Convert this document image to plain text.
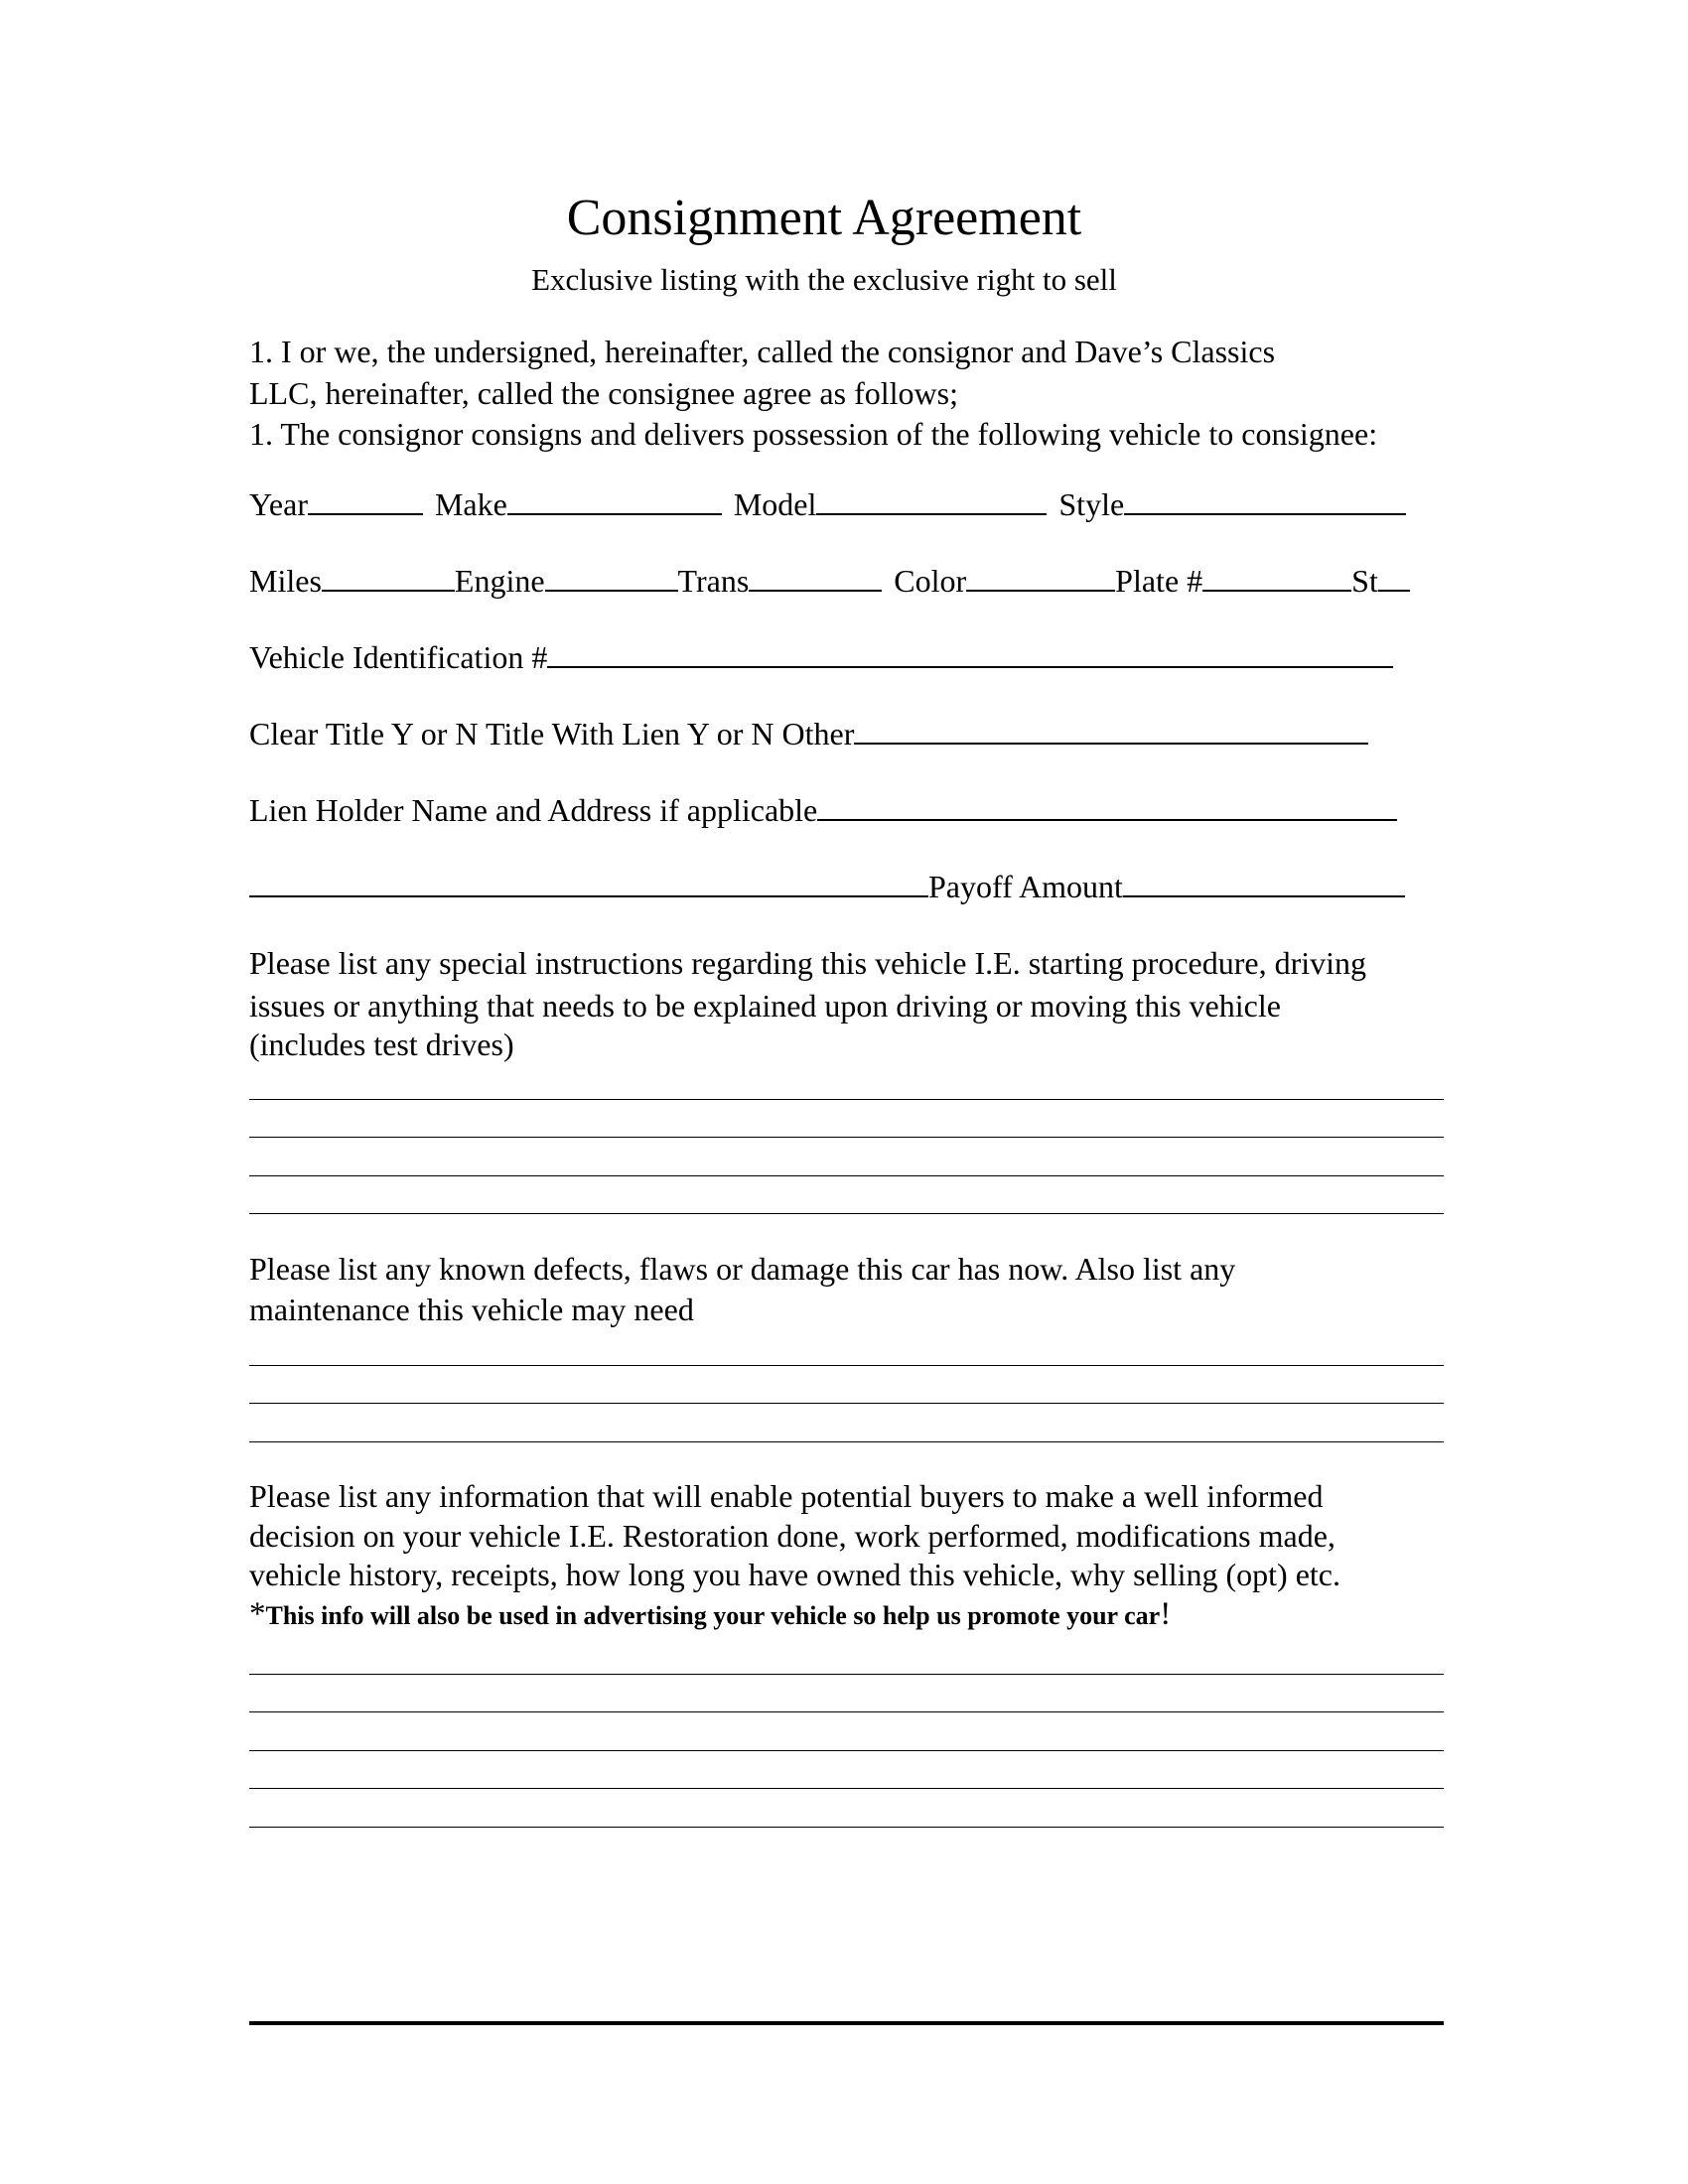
Consignment Agreement
Exclusive listing with the exclusive right to sell
1. I or we, the undersigned, hereinafter, called the consignor and Dave’s Classics
LLC, hereinafter, called the consignee agree as follows;
1. The consignor consigns and delivers possession of the following vehicle to consignee:
Year	Make	Model	Style
Miles	Engine	Trans	Color	Plate #	St
Vehicle Identification #
Clear Title Y or N Title With Lien Y or N Other
Lien Holder Name and Address if applicable
Payoff Amount
Please list any special instructions regarding this vehicle I.E. starting procedure, driving
issues or anything that needs to be explained upon driving or moving this vehicle
(includes test drives)
Please list any known defects, flaws or damage this car has now. Also list any
maintenance this vehicle may need
Please list any information that will enable potential buyers to make a well informed
decision on your vehicle I.E. Restoration done, work performed, modifications made,
vehicle history, receipts, how long you have owned this vehicle, why selling (opt) etc.
*This info will also be used in advertising your vehicle so help us promote your car!
